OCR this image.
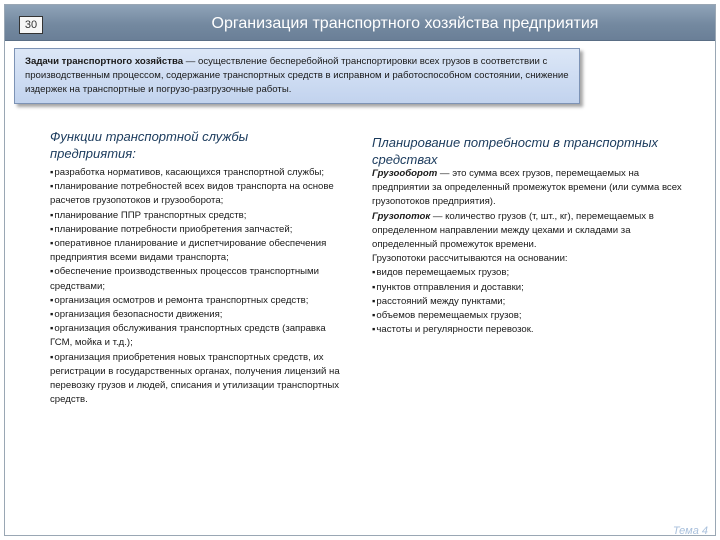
30	Организация транспортного хозяйства предприятия
Задачи транспортного хозяйства — осуществление бесперебойной транспортировки всех грузов в соответствии с производственным процессом, содержание транспортных средств в исправном и работоспособном состоянии, снижение издержек на транспортные и погрузо-разгрузочные работы.
Функции транспортной службы предприятия:
▪ разработка нормативов, касающихся транспортной службы;
▪ планирование потребностей всех видов транспорта на основе расчетов грузопотоков и грузооборота;
▪ планирование ППР транспортных средств;
▪ планирование потребности приобретения запчастей;
▪ оперативное планирование и диспетчирование обеспечения предприятия всеми видами транспорта;
▪ обеспечение производственных процессов транспортными средствами;
▪ организация осмотров и ремонта транспортных средств;
▪ организация безопасности движения;
▪ организация обслуживания транспортных средств (заправка ГСМ, мойка и т.д.);
▪ организация приобретения новых транспортных средств, их регистрации в государственных органах, получения лицензий на перевозку грузов и людей, списания и утилизации транспортных средств.
Планирование потребности в транспортных средствах

Грузооборот — это сумма всех грузов, перемещаемых на предприятии за определенный промежуток времени (или сумма всех грузопотоков предприятия).

Грузопоток — количество грузов (т, шт., кг), перемещаемых в определенном направлении между цехами и складами за определенный промежуток времени.

Грузопотоки рассчитываются на основании:

▪ видов перемещаемых грузов;
▪ пунктов отправления и доставки;
▪ расстояний между пунктами;
▪ объемов перемещаемых грузов;
▪ частоты и регулярности перевозок.
Тема 4
